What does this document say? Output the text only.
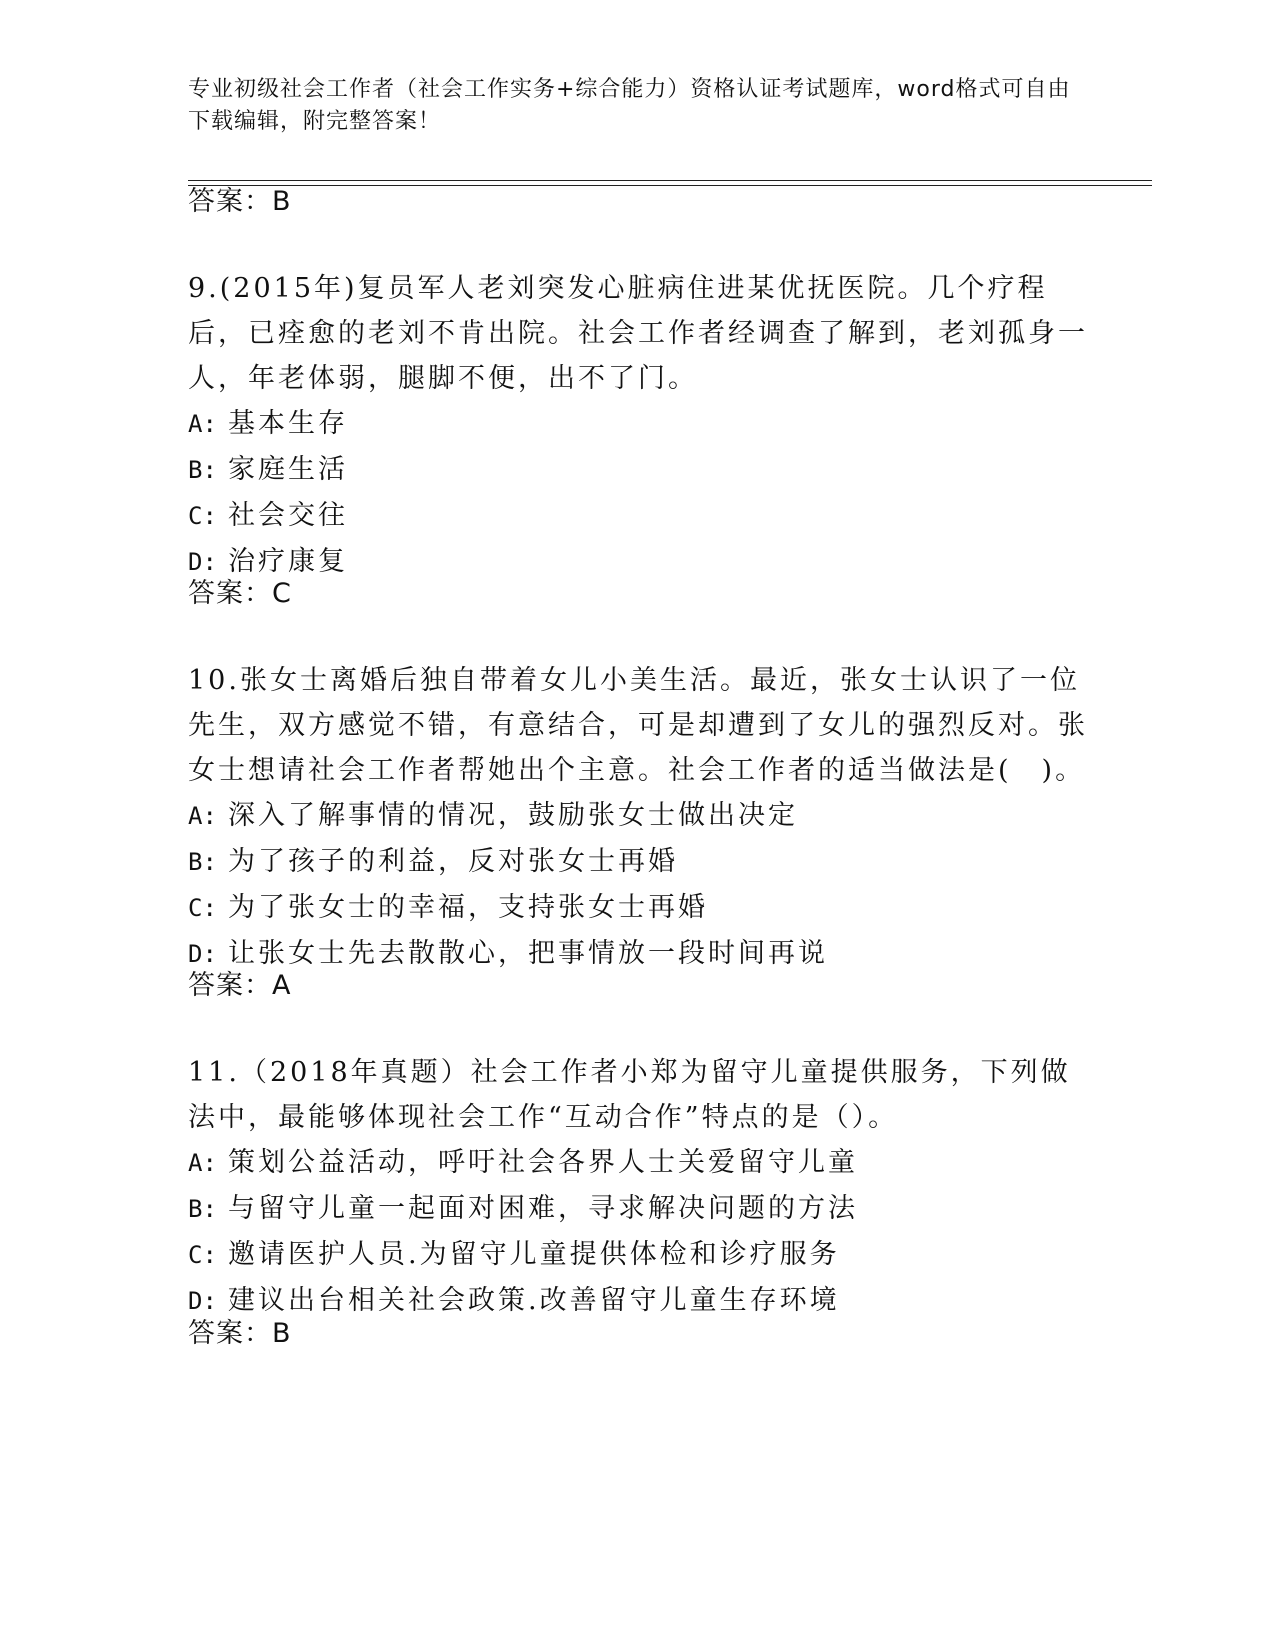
专业初级社会工作者（社会工作实务+综合能力）资格认证考试题库，word格式可自由下载编辑，附完整答案！
答案：B

9.(2015年)复员军人老刘突发心脏病住进某优抚医院。几个疗程后，已痊愈的老刘不肯出院。社会工作者经调查了解到，老刘孤身一人，年老体弱，腿脚不便，出不了门。

A: 基本生存
B: 家庭生活
C: 社会交往
D: 治疗康复
答案：C

10.张女士离婚后独自带着女儿小美生活。最近，张女士认识了一位先生，双方感觉不错，有意结合，可是却遭到了女儿的强烈反对。张女士想请社会工作者帮她出个主意。社会工作者的适当做法是(　)。

A: 深入了解事情的情况，鼓励张女士做出决定
B: 为了孩子的利益，反对张女士再婚
C: 为了张女士的幸福，支持张女士再婚
D: 让张女士先去散散心，把事情放一段时间再说
答案：A

11.（2018年真题）社会工作者小郑为留守儿童提供服务，下列做法中，最能够体现社会工作“互动合作”特点的是（）。

A: 策划公益活动，呼吁社会各界人士关爱留守儿童
B: 与留守儿童一起面对困难，寻求解决问题的方法
C: 邀请医护人员.为留守儿童提供体检和诊疗服务
D: 建议出台相关社会政策.改善留守儿童生存环境
答案：B
